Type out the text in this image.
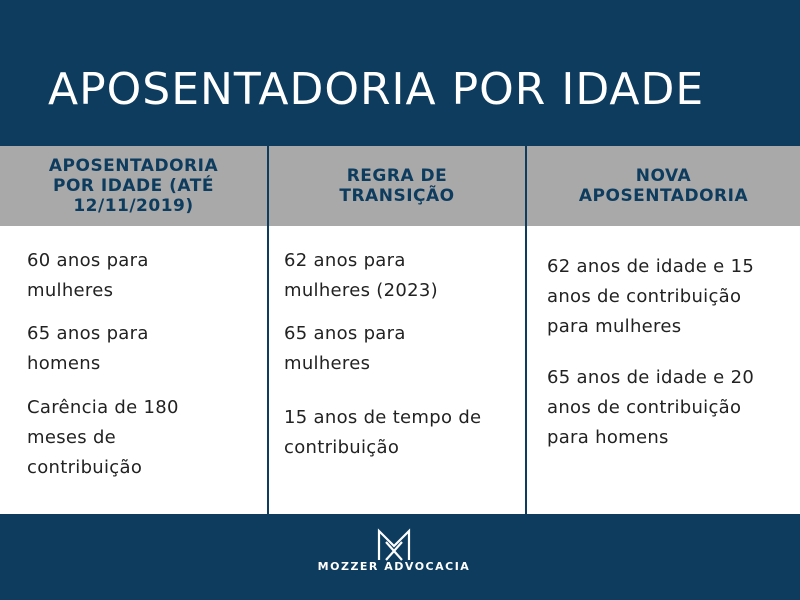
APOSENTADORIA POR IDADE
APOSENTADORIA POR IDADE (ATÉ 12/11/2019)
60 anos para
mulheres
65 anos para
homens
Carência de 180
meses de
contribuição
REGRA DE TRANSIÇÃO
62 anos para
mulheres (2023)
65 anos para
mulheres
15 anos de tempo de
contribuição
NOVA APOSENTADORIA
62 anos de idade e 15
anos de contribuição
para mulheres
65 anos de idade e 20
anos de contribuição
para homens
MOZZER ADVOCACIA
